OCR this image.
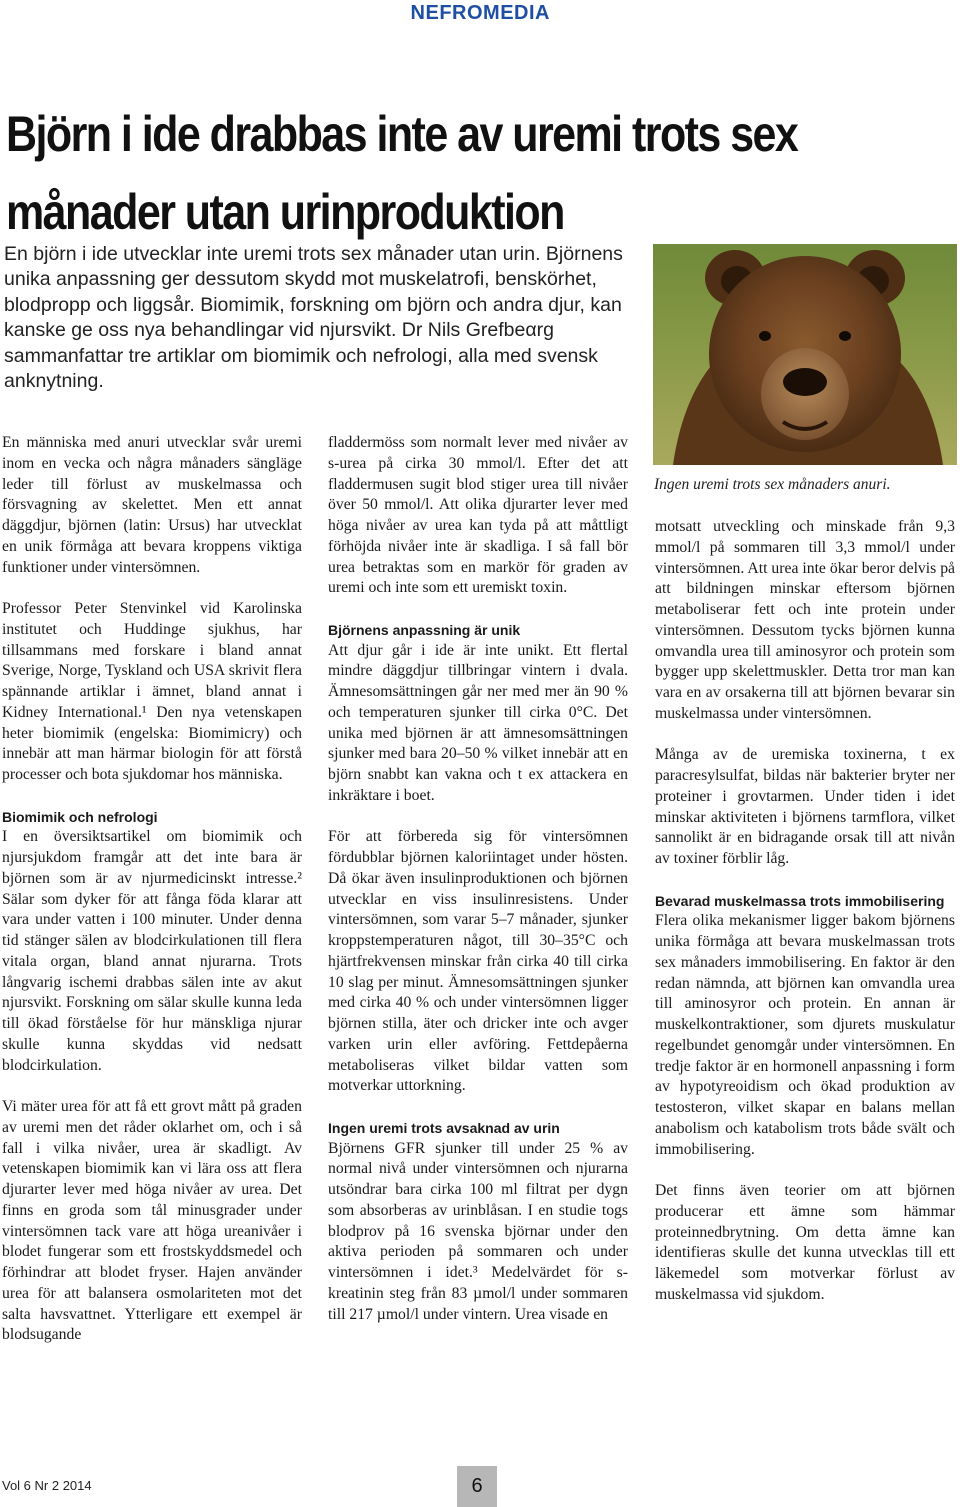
NEFROMEDIA
Björn i ide drabbas inte av uremi trots sex månader utan urinproduktion

En björn i ide utvecklar inte uremi trots sex månader utan urin. Björnens unika anpassning ger dessutom skydd mot muskelatrofi, benskörhet, blodpropp och liggsår. Biomimik, forskning om björn och andra djur, kan kanske ge oss nya behandlingar vid njursvikt. Dr Nils Grefbeαrg sammanfattar tre artiklar om biomimik och nefrologi, alla med svensk anknytning.

Ingen uremi trots sex månaders anuri.

En människa med anuri utvecklar svår uremi inom en vecka och några månaders sängläge leder till förlust av muskelmassa och försvagning av skelettet. Men ett annat däggdjur, björnen (latin: Ursus) har utvecklat en unik förmåga att bevara kroppens viktiga funktioner under vintersömnen.

Professor Peter Stenvinkel vid Karolinska institutet och Huddinge sjukhus, har tillsammans med forskare i bland annat Sverige, Norge, Tyskland och USA skrivit flera spännande artiklar i ämnet, bland annat i Kidney International.¹ Den nya vetenskapen heter biomimik (engelska: Biomimicry) och innebär att man härmar biologin för att förstå processer och bota sjukdomar hos människa.

Biomimik och nefrologi

I en översiktsartikel om biomimik och njursjukdom framgår att det inte bara är björnen som är av njurmedicinskt intresse.² Sälar som dyker för att fånga föda klarar att vara under vatten i 100 minuter. Under denna tid stänger sälen av blodcirkulationen till flera vitala organ, bland annat njurarna. Trots långvarig ischemi drabbas sälen inte av akut njursvikt. Forskning om sälar skulle kunna leda till ökad förståelse för hur mänskliga njurar skulle kunna skyddas vid nedsatt blodcirkulation.

Vi mäter urea för att få ett grovt mått på graden av uremi men det råder oklarhet om, och i så fall i vilka nivåer, urea är skadligt. Av vetenskapen biomimik kan vi lära oss att flera djurarter lever med höga nivåer av urea. Det finns en groda som tål minusgrader under vintersömnen tack vare att höga ureanivåer i blodet fungerar som ett frostskyddsmedel och förhindrar att blodet fryser. Hajen använder urea för att balansera osmolariteten mot det salta havsvattnet. Ytterligare ett exempel är blodsugande

fladdermöss som normalt lever med nivåer av s-urea på cirka 30 mmol/l. Efter det att fladdermusen sugit blod stiger urea till nivåer över 50 mmol/l. Att olika djurarter lever med höga nivåer av urea kan tyda på att måttligt förhöjda nivåer inte är skadliga. I så fall bör urea betraktas som en markör för graden av uremi och inte som ett uremiskt toxin.

Björnens anpassning är unik

Att djur går i ide är inte unikt. Ett flertal mindre däggdjur tillbringar vintern i dvala. Ämnesomsättningen går ner med mer än 90 % och temperaturen sjunker till cirka 0°C. Det unika med björnen är att ämnesomsättningen sjunker med bara 20–50 % vilket innebär att en björn snabbt kan vakna och t ex attackera en inkräktare i boet.

För att förbereda sig för vintersömnen fördubblar björnen kaloriintaget under hösten. Då ökar även insulinproduktionen och björnen utvecklar en viss insulinresistens. Under vintersömnen, som varar 5–7 månader, sjunker kroppstemperaturen något, till 30–35°C och hjärtfrekvensen minskar från cirka 40 till cirka 10 slag per minut. Ämnesomsättningen sjunker med cirka 40 % och under vintersömnen ligger björnen stilla, äter och dricker inte och avger varken urin eller avföring. Fettdepåerna metaboliseras vilket bildar vatten som motverkar uttorkning.

Ingen uremi trots avsaknad av urin

Björnens GFR sjunker till under 25 % av normal nivå under vintersömnen och njurarna utsöndrar bara cirka 100 ml filtrat per dygn som absorberas av urinblåsan. I en studie togs blodprov på 16 svenska björnar under den aktiva perioden på sommaren och under vintersömnen i idet.³ Medelvärdet för s-kreatinin steg från 83 µmol/l under sommaren till 217 µmol/l under vintern. Urea visade en

motsatt utveckling och minskade från 9,3 mmol/l på sommaren till 3,3 mmol/l under vintersömnen. Att urea inte ökar beror delvis på att bildningen minskar eftersom björnen metaboliserar fett och inte protein under vintersömnen. Dessutom tycks björnen kunna omvandla urea till aminosyror och protein som bygger upp skelettmuskler. Detta tror man kan vara en av orsakerna till att björnen bevarar sin muskelmassa under vintersömnen.

Många av de uremiska toxinerna, t ex paracresylsulfat, bildas när bakterier bryter ner proteiner i grovtarmen. Under tiden i idet minskar aktiviteten i björnens tarmflora, vilket sannolikt är en bidragande orsak till att nivån av toxiner förblir låg.

Bevarad muskelmassa trots immobilisering

Flera olika mekanismer ligger bakom björnens unika förmåga att bevara muskelmassan trots sex månaders immobilisering. En faktor är den redan nämnda, att björnen kan omvandla urea till aminosyror och protein. En annan är muskelkontraktioner, som djurets muskulatur regelbundet genomgår under vintersömnen. En tredje faktor är en hormonell anpassning i form av hypotyreoidism och ökad produktion av testosteron, vilket skapar en balans mellan anabolism och katabolism trots både svält och immobilisering.

Det finns även teorier om att björnen producerar ett ämne som hämmar proteinnedbrytning. Om detta ämne kan identifieras skulle det kunna utvecklas till ett läkemedel som motverkar förlust av muskelmassa vid sjukdom.

Vol 6 Nr 2 2014	6
